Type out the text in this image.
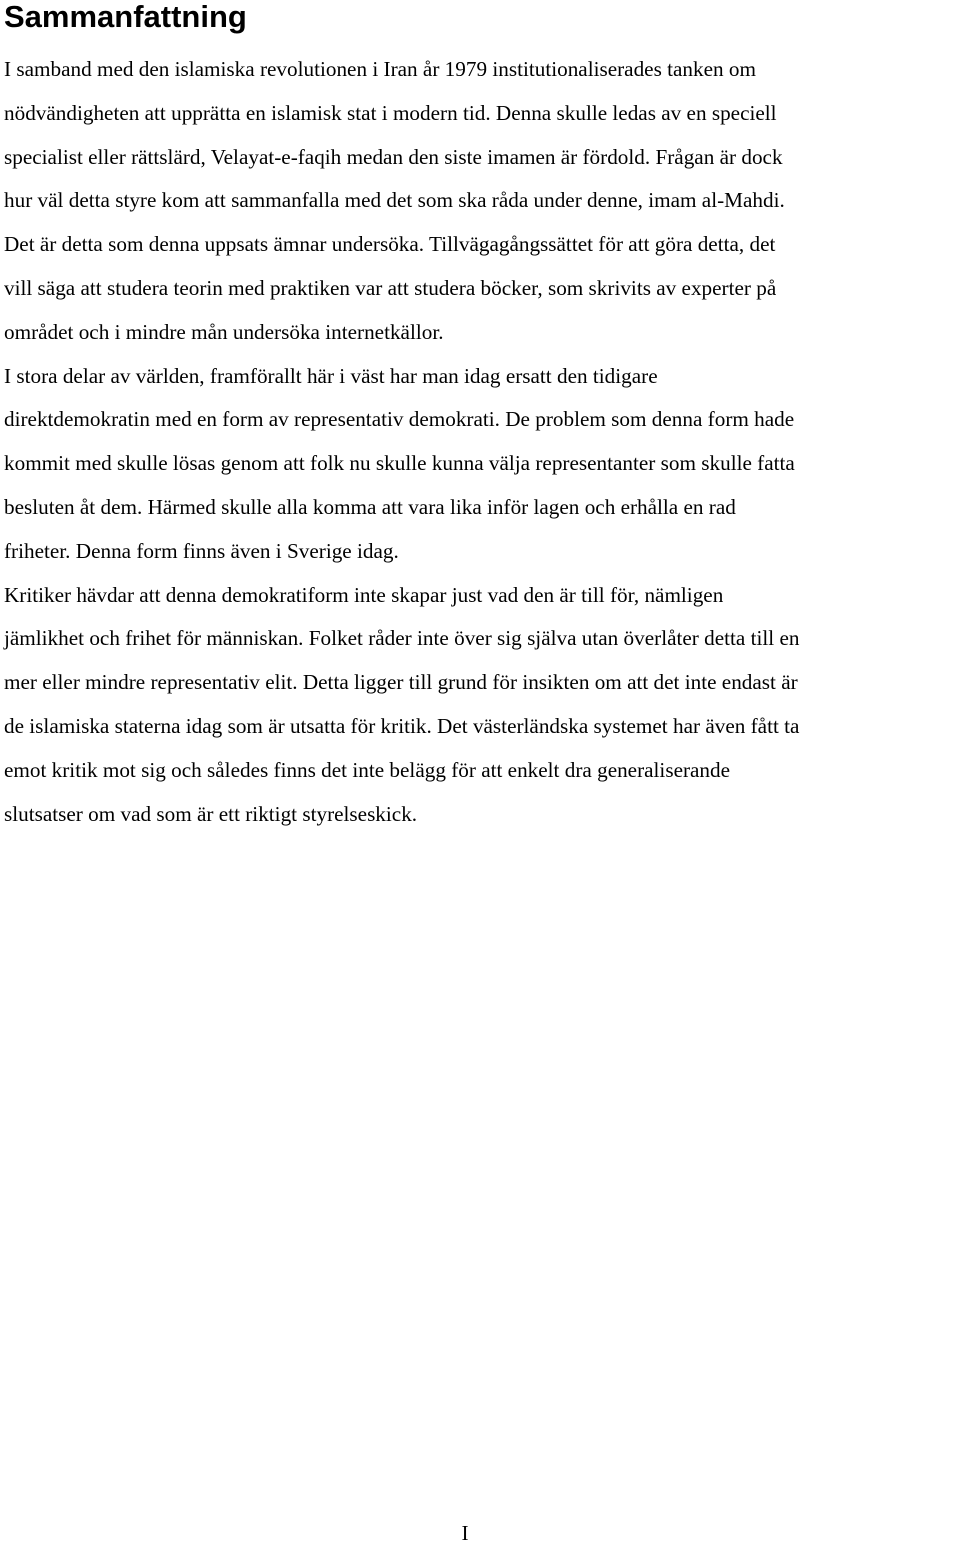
Sammanfattning

I samband med den islamiska revolutionen i Iran år 1979 institutionaliserades tanken om
nödvändigheten att upprätta en islamisk stat i modern tid. Denna skulle ledas av en speciell
specialist eller rättslärd, Velayat-e-faqih medan den siste imamen är fördold. Frågan är dock
hur väl detta styre kom att sammanfalla med det som ska råda under denne, imam al-Mahdi.
Det är detta som denna uppsats ämnar undersöka. Tillvägagångssättet för att göra detta, det
vill säga att studera teorin med praktiken var att studera böcker, som skrivits av experter på
området och i mindre mån undersöka internetkällor.

I stora delar av världen, framförallt här i väst har man idag ersatt den tidigare
direktdemokratin med en form av representativ demokrati. De problem som denna form hade
kommit med skulle lösas genom att folk nu skulle kunna välja representanter som skulle fatta
besluten åt dem. Härmed skulle alla komma att vara lika inför lagen och erhålla en rad
friheter. Denna form finns även i Sverige idag.

Kritiker hävdar att denna demokratiform inte skapar just vad den är till för, nämligen
jämlikhet och frihet för människan. Folket råder inte över sig själva utan överlåter detta till en
mer eller mindre representativ elit. Detta ligger till grund för insikten om att det inte endast är
de islamiska staterna idag som är utsatta för kritik. Det västerländska systemet har även fått ta
emot kritik mot sig och således finns det inte belägg för att enkelt dra generaliserande
slutsatser om vad som är ett riktigt styrelseskick.

I
